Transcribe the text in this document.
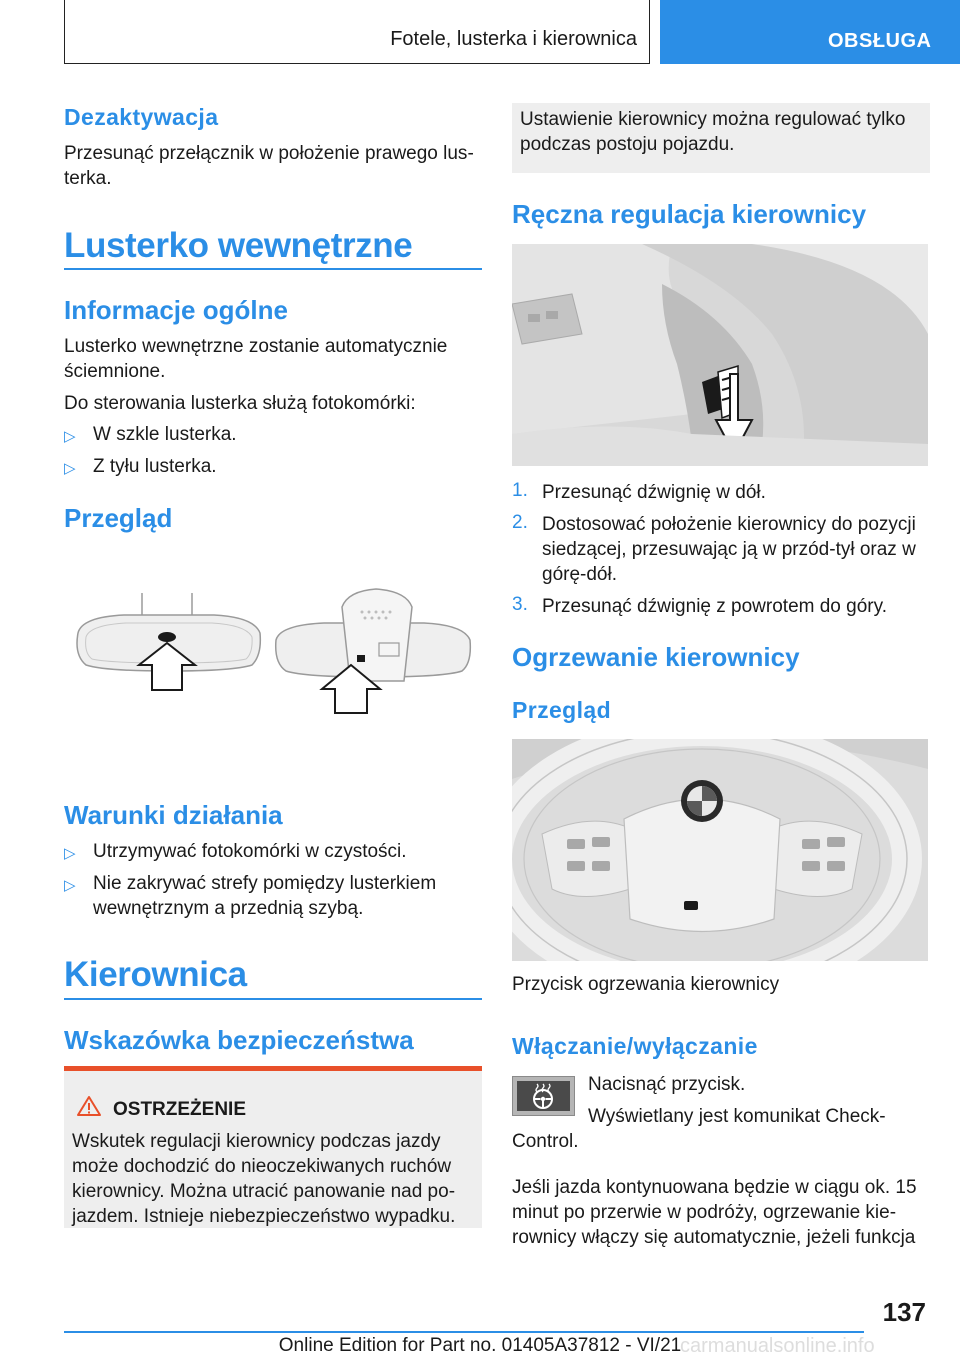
Fotele, lusterka i kierownica	OBSŁUGA
Dezaktywacja
Przesunąć przełącznik w położenie prawego lusterka.
Lusterko wewnętrzne
Informacje ogólne
Lusterko wewnętrzne zostanie automatycznie ściemnione.
Do sterowania lusterka służą fotokomórki:
▷ W szkle lusterka.
▷ Z tyłu lusterka.
Przegląd
Warunki działania
▷ Utrzymywać fotokomórki w czystości.
▷ Nie zakrywać strefy pomiędzy lusterkiem wewnętrznym a przednią szybą.
Kierownica
Wskazówka bezpieczeństwa
OSTRZEŻENIE
Wskutek regulacji kierownicy podczas jazdy może dochodzić do nieoczekiwanych ruchów kierownicy. Można utracić panowanie nad pojazdem. Istnieje niebezpieczeństwo wypadku.
Ustawienie kierownicy można regulować tylko podczas postoju pojazdu.
Ręczna regulacja kierownicy
1. Przesunąć dźwignię w dół.
2. Dostosować położenie kierownicy do pozycji siedzącej, przesuwając ją w przód-tył oraz w górę-dół.
3. Przesunąć dźwignię z powrotem do góry.
Ogrzewanie kierownicy
Przegląd
Przycisk ogrzewania kierownicy
Włączanie/wyłączanie
Nacisnąć przycisk.
Wyświetlany jest komunikat Check-
Control.
Jeśli jazda kontynuowana będzie w ciągu ok. 15 minut po przerwie w podróży, ogrzewanie kierownicy włączy się automatycznie, jeżeli funkcja
137
carmanualsonline.info
Online Edition for Part no. 01405A37812 - VI/21
